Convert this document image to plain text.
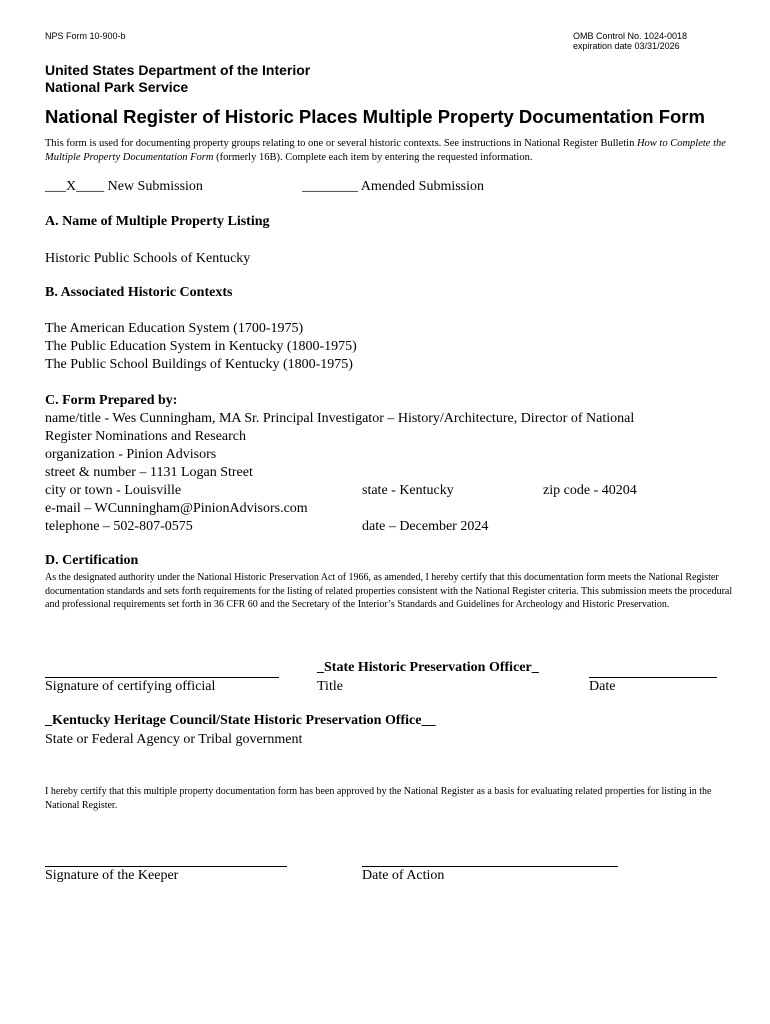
NPS Form 10-900-b	OMB Control No. 1024-0018
expiration date 03/31/2026
United States Department of the Interior
National Park Service
National Register of Historic Places Multiple Property Documentation Form
This form is used for documenting property groups relating to one or several historic contexts. See instructions in National Register Bulletin How to Complete the Multiple Property Documentation Form (formerly 16B). Complete each item by entering the requested information.
___X____ New Submission	________ Amended Submission
A. Name of Multiple Property Listing
Historic Public Schools of Kentucky
B. Associated Historic Contexts
The American Education System (1700-1975)
The Public Education System in Kentucky (1800-1975)
The Public School Buildings of Kentucky (1800-1975)
C. Form Prepared by:
name/title - Wes Cunningham, MA Sr. Principal Investigator – History/Architecture, Director of National
Register Nominations and Research
organization - Pinion Advisors
street & number – 1131 Logan Street
city or town - Louisville	state - Kentucky	zip code - 40204
e-mail – WCunningham@PinionAdvisors.com
telephone – 502-807-0575	date – December 2024
D. Certification
As the designated authority under the National Historic Preservation Act of 1966, as amended, I hereby certify that this documentation form meets the National Register documentation standards and sets forth requirements for the listing of related properties consistent with the National Register criteria. This submission meets the procedural and professional requirements set forth in 36 CFR 60 and the Secretary of the Interior’s Standards and Guidelines for Archeology and Historic Preservation.
Signature of certifying official
_State Historic Preservation Officer_
Title	Date
_Kentucky Heritage Council/State Historic Preservation Office__
State or Federal Agency or Tribal government
I hereby certify that this multiple property documentation form has been approved by the National Register as a basis for evaluating related properties for listing in the National Register.
Signature of the Keeper	Date of Action
